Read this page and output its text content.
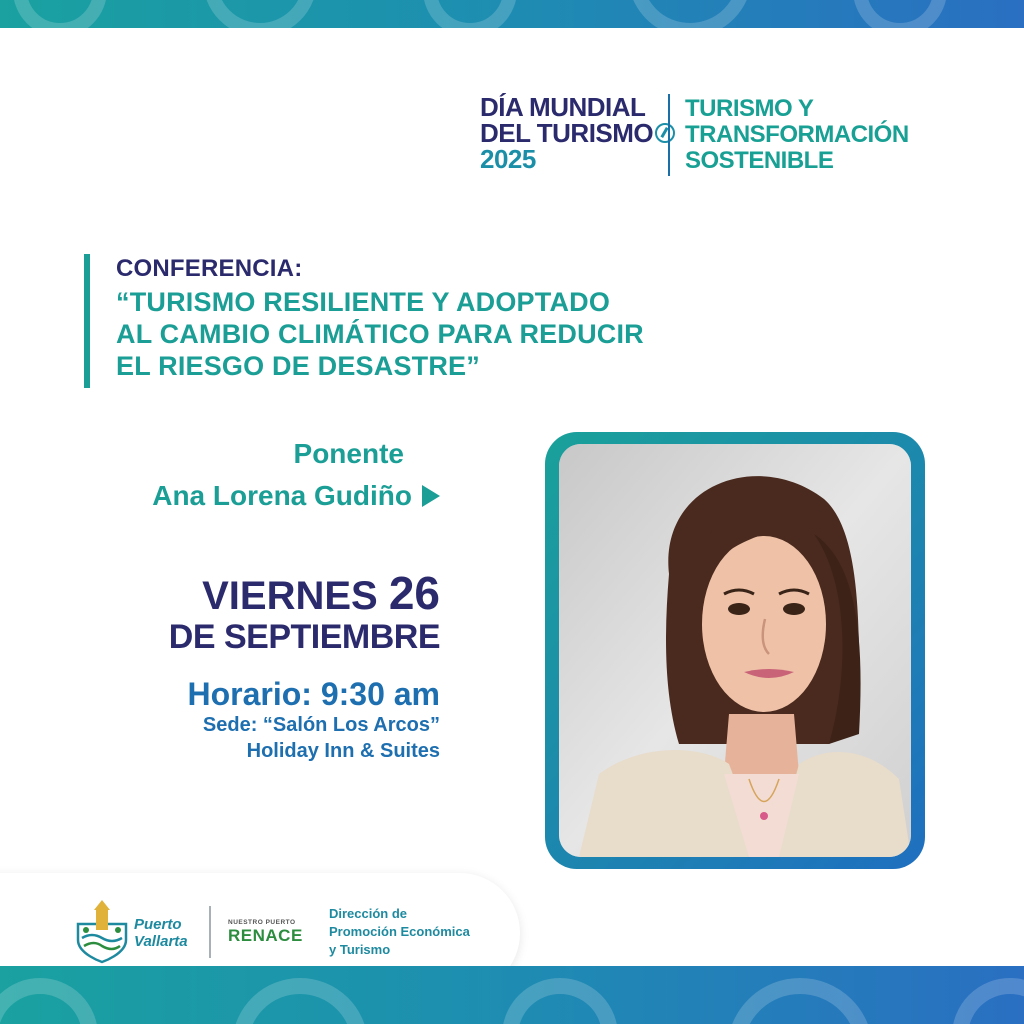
DÍA MUNDIAL
DEL TURISMO
2025
TURISMO Y
TRANSFORMACIÓN
SOSTENIBLE
CONFERENCIA:
“TURISMO RESILIENTE Y ADOPTADO
AL CAMBIO CLIMÁTICO PARA REDUCIR
EL RIESGO DE DESASTRE”
Ponente
Ana Lorena Gudiño
VIERNES 26
DE SEPTIEMBRE
Horario: 9:30 am
Sede: “Salón Los Arcos”
Holiday Inn & Suites
Puerto
Vallarta
NUESTRO PUERTO
RENACE
Dirección de
Promoción Económica
y Turismo
